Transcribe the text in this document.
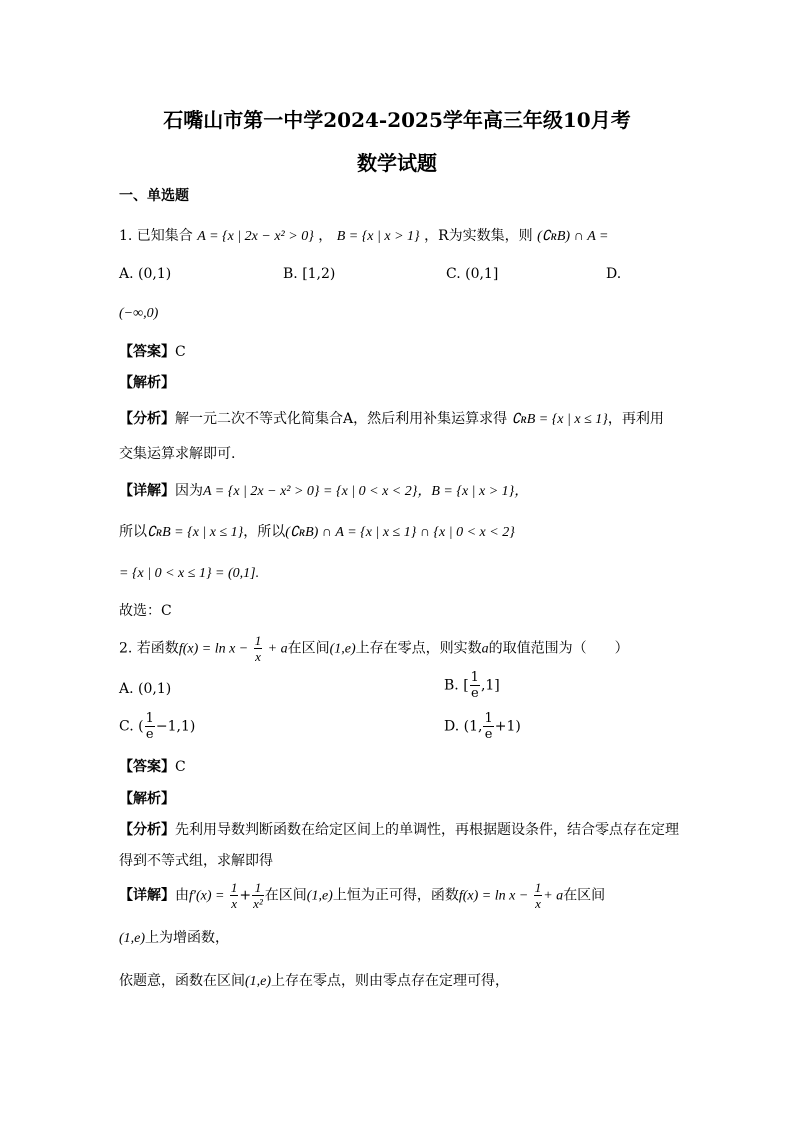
石嘴山市第一中学2024-2025学年高三年级10月考
数学试题
一、单选题
1. 已知集合 A = {x | 2x − x² > 0} ， B = {x | x > 1} ，R为实数集，则 (∁ʀB) ∩ A =
A. (0,1)	B. [1,2)	C. (0,1]	D.
(−∞,0)
【答案】C
【解析】
【分析】解一元二次不等式化简集合A，然后利用补集运算求得 ∁ʀB = {x | x ≤ 1}，再利用
交集运算求解即可.
【详解】因为A = {x | 2x − x² > 0} = {x | 0 < x < 2}，B = {x | x > 1}，
所以∁ʀB = {x | x ≤ 1}，所以(∁ʀB) ∩ A = {x | x ≤ 1} ∩ {x | 0 < x < 2}
= {x | 0 < x ≤ 1} = (0,1].
故选：C
2. 若函数$f(x) = \ln x - \frac{1}{x} + a$在区间(1,e)上存在零点，则实数a的取值范围为（　　）
A. (0,1)	B. [ $\frac{1}{e} ,1$]
C. ( $\frac{1}{e} -1,1$)	D. (1, $\frac{1}{e} +1$)
【答案】C
【解析】
【分析】先利用导数判断函数在给定区间上的单调性，再根据题设条件，结合零点存在定理
得到不等式组，求解即得
【详解】由$f'(x) = \frac{1}{x} + \frac{1}{\text{x²}}$ 在区间(1,e)上恒为正可得，函数$f(x) = \ln x - \frac{1}{x} + a$在区间
(1,e)上为增函数，
依题意，函数在区间(1,e)上存在零点，则由零点存在定理可得，
